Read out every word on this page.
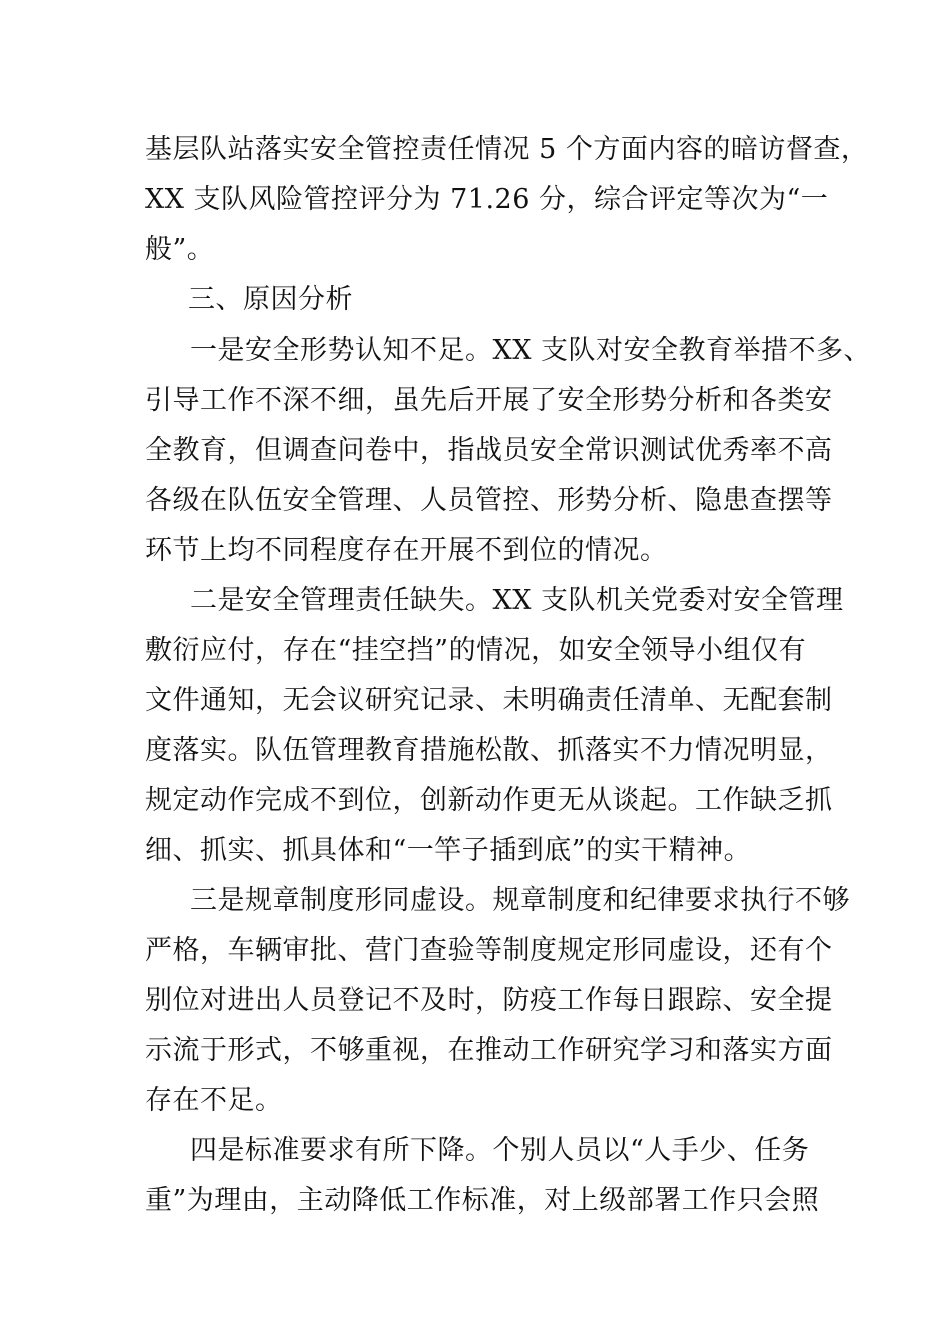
基层队站落实安全管控责任情况 5 个方面内容的暗访督查，
XX 支队风险管控评分为 71.26 分，综合评定等次为“一
般”。
三、原因分析
一是安全形势认知不足。XX 支队对安全教育举措不多、
引导工作不深不细，虽先后开展了安全形势分析和各类安
全教育，但调查问卷中，指战员安全常识测试优秀率不高
各级在队伍安全管理、人员管控、形势分析、隐患查摆等
环节上均不同程度存在开展不到位的情况。
二是安全管理责任缺失。XX 支队机关党委对安全管理
敷衍应付，存在“挂空挡”的情况，如安全领导小组仅有
文件通知，无会议研究记录、未明确责任清单、无配套制
度落实。队伍管理教育措施松散、抓落实不力情况明显，
规定动作完成不到位，创新动作更无从谈起。工作缺乏抓
细、抓实、抓具体和“一竿子插到底”的实干精神。
三是规章制度形同虚设。规章制度和纪律要求执行不够
严格，车辆审批、营门查验等制度规定形同虚设，还有个
别位对进出人员登记不及时，防疫工作每日跟踪、安全提
示流于形式，不够重视，在推动工作研究学习和落实方面
存在不足。
四是标准要求有所下降。个别人员以“人手少、任务
重”为理由，主动降低工作标准，对上级部署工作只会照
